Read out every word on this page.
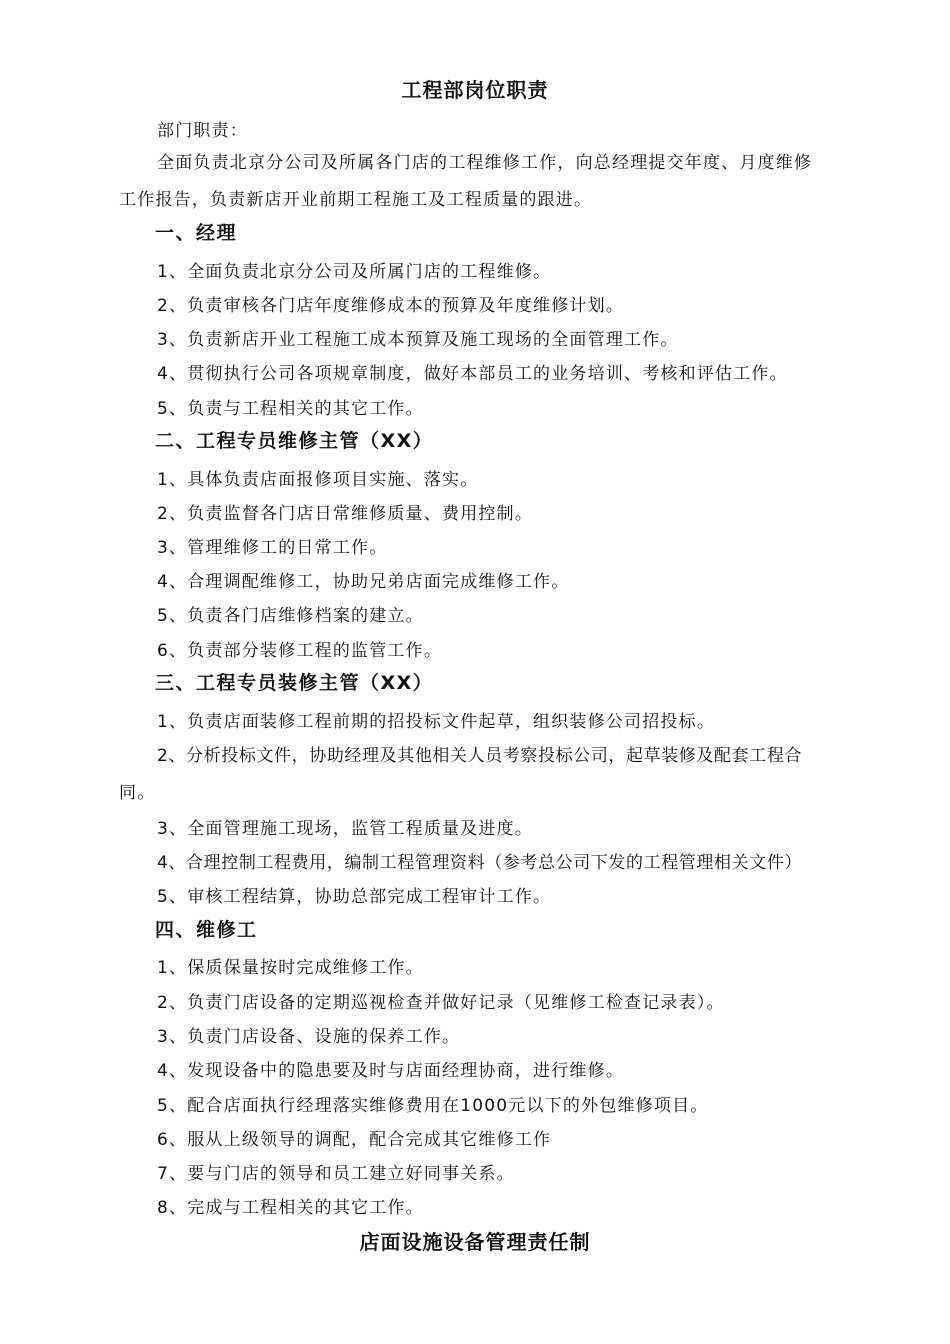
工程部岗位职责
部门职责：
全面负责北京分公司及所属各门店的工程维修工作，向总经理提交年度、月度维修
工作报告，负责新店开业前期工程施工及工程质量的跟进。
一、经理
1、全面负责北京分公司及所属门店的工程维修。
2、负责审核各门店年度维修成本的预算及年度维修计划。
3、负责新店开业工程施工成本预算及施工现场的全面管理工作。
4、贯彻执行公司各项规章制度，做好本部员工的业务培训、考核和评估工作。
5、负责与工程相关的其它工作。
二、工程专员维修主管（XX）
1、具体负责店面报修项目实施、落实。
2、负责监督各门店日常维修质量、费用控制。
3、管理维修工的日常工作。
4、合理调配维修工，协助兄弟店面完成维修工作。
5、负责各门店维修档案的建立。
6、负责部分装修工程的监管工作。
三、工程专员装修主管（XX）
1、负责店面装修工程前期的招投标文件起草，组织装修公司招投标。
2、分析投标文件，协助经理及其他相关人员考察投标公司，起草装修及配套工程合
同。
3、全面管理施工现场，监管工程质量及进度。
4、合理控制工程费用，编制工程管理资料（参考总公司下发的工程管理相关文件）
5、审核工程结算，协助总部完成工程审计工作。
四、维修工
1、保质保量按时完成维修工作。
2、负责门店设备的定期巡视检查并做好记录（见维修工检查记录表）。
3、负责门店设备、设施的保养工作。
4、发现设备中的隐患要及时与店面经理协商，进行维修。
5、配合店面执行经理落实维修费用在1000元以下的外包维修项目。
6、服从上级领导的调配，配合完成其它维修工作
7、要与门店的领导和员工建立好同事关系。
8、完成与工程相关的其它工作。
店面设施设备管理责任制
